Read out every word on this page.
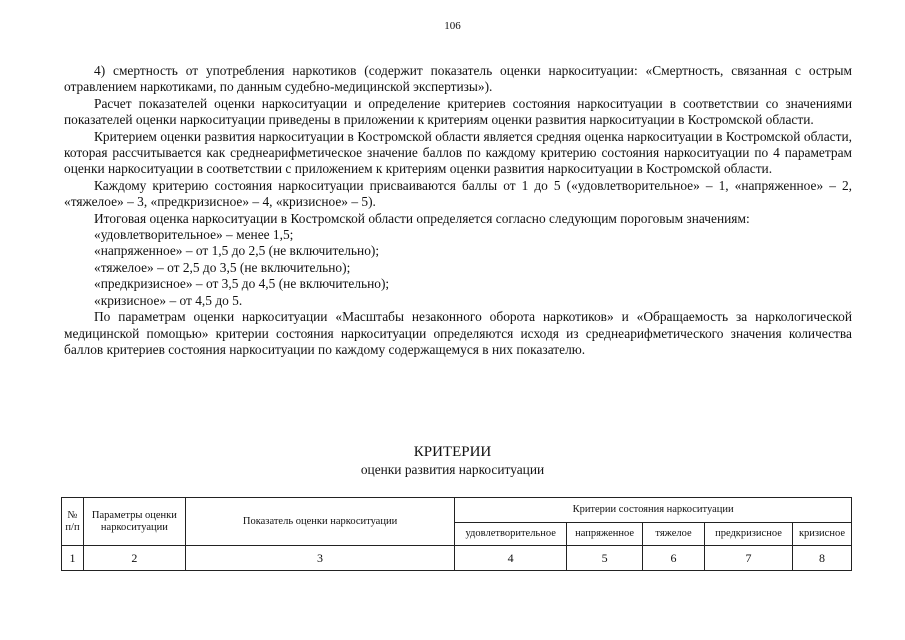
106

4) смертность от употребления наркотиков (содержит показатель оценки наркоситуации: «Смертность, связанная с острым отравлением наркотиками, по данным судебно-медицинской экспертизы»).

Расчет показателей оценки наркоситуации и определение критериев состояния наркоситуации в соответствии со значениями показателей оценки наркоситуации приведены в приложении к критериям оценки развития наркоситуации в Костромской области.

Критерием оценки развития наркоситуации в Костромской области является средняя оценка наркоситуации в Костромской области, которая рассчитывается как среднеарифметическое значение баллов по каждому критерию состояния наркоситуации по 4 параметрам оценки наркоситуации в соответствии с приложением к критериям оценки развития наркоситуации в Костромской области.

Каждому критерию состояния наркоситуации присваиваются баллы от 1 до 5 («удовлетворительное» – 1, «напряженное» – 2, «тяжелое» – 3, «предкризисное» – 4, «кризисное» – 5).

Итоговая оценка наркоситуации в Костромской области определяется согласно следующим пороговым значениям:

«удовлетворительное» – менее 1,5;

«напряженное» – от 1,5 до 2,5 (не включительно);

«тяжелое» – от 2,5 до 3,5 (не включительно);

«предкризисное» – от 3,5 до 4,5 (не включительно);

«кризисное» – от 4,5 до 5.

По параметрам оценки наркоситуации «Масштабы незаконного оборота наркотиков» и «Обращаемость за наркологической медицинской помощью» критерии состояния наркоситуации определяются исходя из среднеарифметического значения количества баллов критериев состояния наркоситуации по каждому содержащемуся в них показателю.

КРИТЕРИИ
оценки развития наркоситуации
№ п/п	Параметры оценки наркоситуации	Показатель оценки наркоситуации	Критерии состояния наркоситуации				
			удовлетворительное	напряженное	тяжелое	предкризисное	кризисное
1	2	3	4	5	6	7	8
